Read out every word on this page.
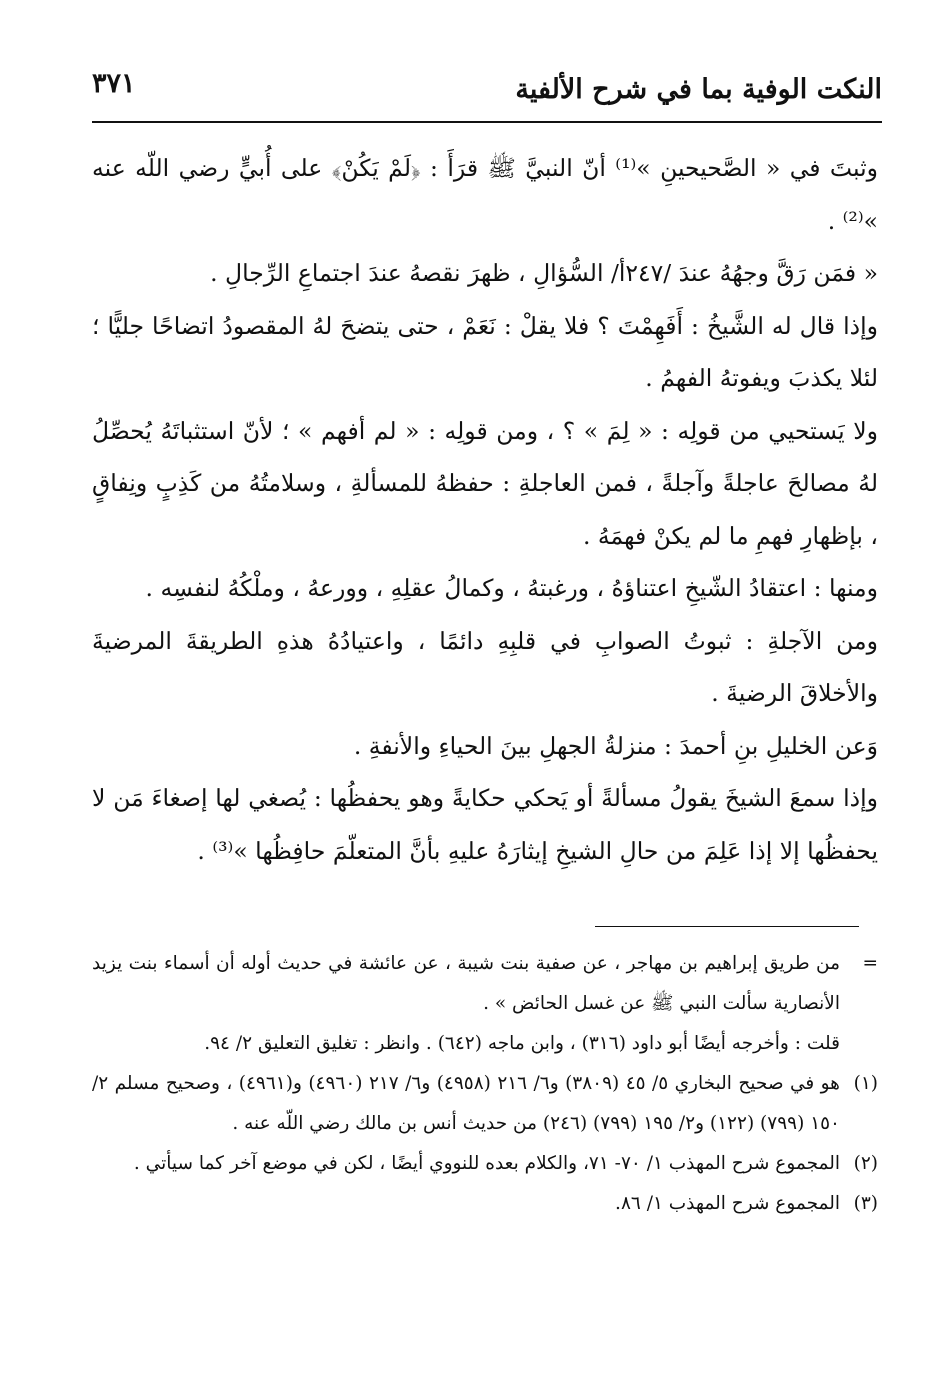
النكت الوفية بما في شرح الألفية
٣٧١

وثبتَ في « الصَّحيحينِ »⁽¹⁾ أنّ النبيَّ ﷺ قرَأَ : ﴿لَمْ يَكُنْ﴾ على أُبيٍّ رضي اللّه عنه »⁽²⁾ .

« فمَن رَقَّ وجهُهُ عندَ /٢٤٧أ/ السُّؤالِ ، ظهرَ نقصهُ عندَ اجتماعِ الرِّجالِ .

وإذا قال له الشَّيخُ : أَفَهِمْتَ ؟ فلا يقلْ : نَعَمْ ، حتى يتضحَ لهُ المقصودُ اتضاحًا جليًّا ؛ لئلا يكذبَ ويفوتهُ الفهمُ .

ولا يَستحيي من قولِه : « لِمَ » ؟ ، ومن قولِه : « لم أفهم » ؛ لأنّ استثباتَهُ يُحصِّلُ لهُ مصالحَ عاجلةً وآجلةً ، فمن العاجلةِ : حفظهُ للمسألةِ ، وسلامتُهُ من كَذِبٍ ونِفاقٍ ، بإظهارِ فهمِ ما لم يكنْ فهمَهُ .

ومنها : اعتقادُ الشّيخِ اعتناؤهُ ، ورغبتهُ ، وكمالُ عقلِهِ ، وورعهُ ، وملْكُهُ لنفسِه .

ومن الآجلةِ : ثبوتُ الصوابِ في قلبِهِ دائمًا ، واعتيادُهُ هذهِ الطريقةَ المرضيةَ والأخلاقَ الرضيةَ .

وَعن الخليلِ بنِ أحمدَ : منزلةُ الجهلِ بينَ الحياءِ والأنفةِ .

وإذا سمعَ الشيخَ يقولُ مسألةً أو يَحكي حكايةً وهو يحفظُها : يُصغي لها إصغاءَ مَن لا يحفظُها إلا إذا عَلِمَ من حالِ الشيخِ إيثارَهُ عليهِ بأنَّ المتعلّمَ حافِظُها »⁽³⁾ .

=
من طريق إبراهيم بن مهاجر ، عن صفية بنت شيبة ، عن عائشة في حديث أوله أن أسماء بنت يزيد الأنصارية سألت النبي ﷺ عن غسل الحائض » .

قلت : وأخرجه أيضًا أبو داود (٣١٦) ، وابن ماجه (٦٤٢) . وانظر : تغليق التعليق ٢/ ٩٤.

(١)
هو في صحيح البخاري ٥/ ٤٥ (٣٨٠٩) و٦/ ٢١٦ (٤٩٥٨) و٦/ ٢١٧ (٤٩٦٠) و(٤٩٦١) ، وصحيح مسلم ٢/ ١٥٠ (٧٩٩) (١٢٢) و٢/ ١٩٥ (٧٩٩) (٢٤٦) من حديث أنس بن مالك رضي اللّه عنه .

(٢)
المجموع شرح المهذب ١/ ٧٠- ٧١، والكلام بعده للنووي أيضًا ، لكن في موضع آخر كما سيأتي .

(٣)
المجموع شرح المهذب ١/ ٨٦.
